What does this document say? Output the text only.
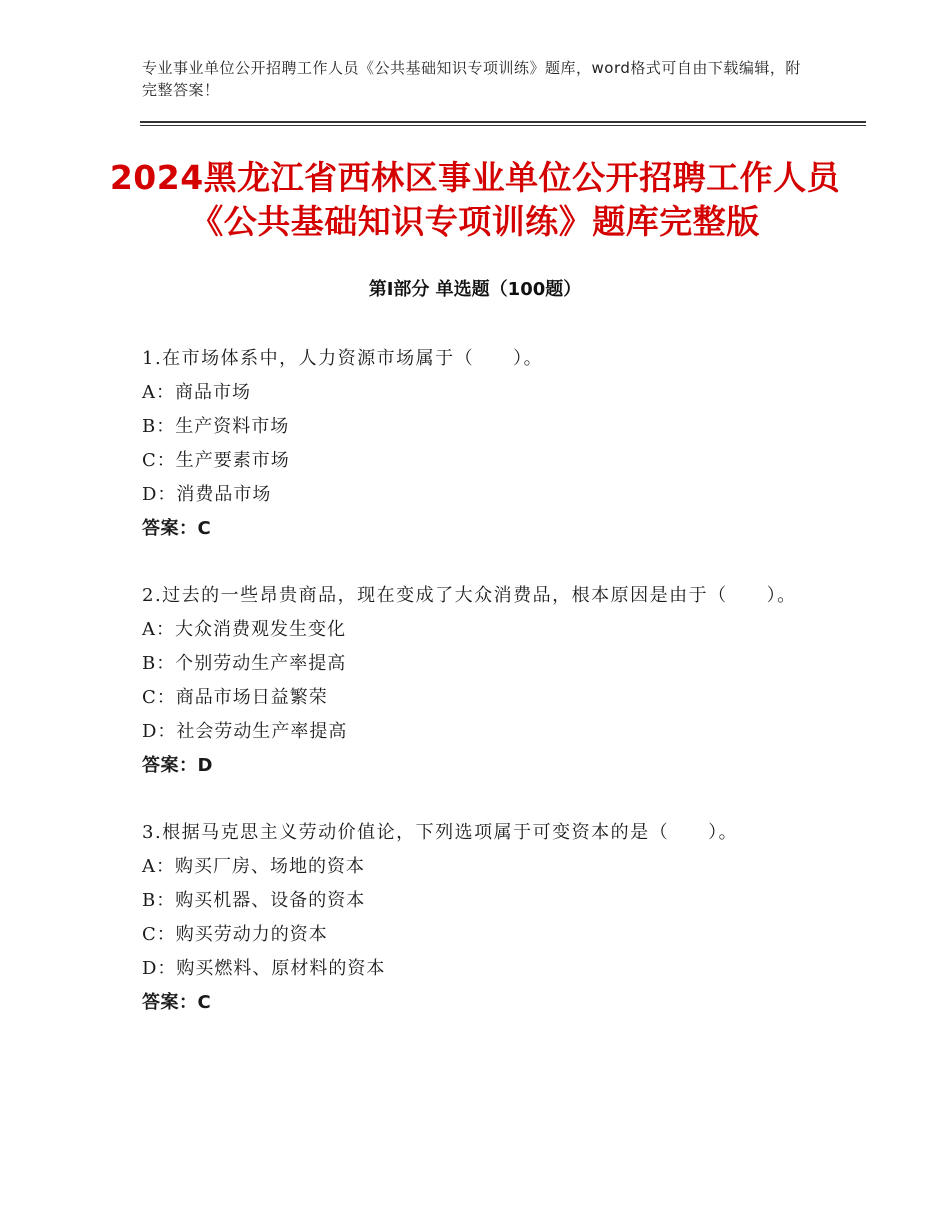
专业事业单位公开招聘工作人员《公共基础知识专项训练》题库，word格式可自由下载编辑，附完整答案！
2024黑龙江省西林区事业单位公开招聘工作人员《公共基础知识专项训练》题库完整版
第Ⅰ部分 单选题（100题）
1.在市场体系中，人力资源市场属于（　　）。
A：商品市场
B：生产资料市场
C：生产要素市场
D：消费品市场
答案：C
2.过去的一些昂贵商品，现在变成了大众消费品，根本原因是由于（　　）。
A：大众消费观发生变化
B：个别劳动生产率提高
C：商品市场日益繁荣
D：社会劳动生产率提高
答案：D
3.根据马克思主义劳动价值论，下列选项属于可变资本的是（　　）。
A：购买厂房、场地的资本
B：购买机器、设备的资本
C：购买劳动力的资本
D：购买燃料、原材料的资本
答案：C
